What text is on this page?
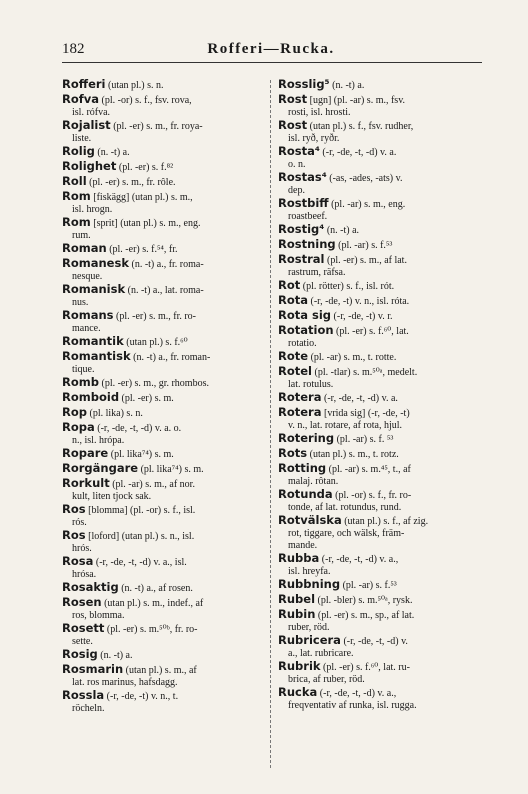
182	Rofferi—Rucka.

Rofferi (utan pl.) s. n.

Rofva (pl. -or) s. f., fsv. rova,
isl. rófva.

Rojalist (pl. -er) s. m., fr. roya-
liste.

Rolig (n. -t) a.

Rolighet (pl. -er) s. f.⁸²

Roll (pl. -er) s. m., fr. rôle.

Rom [fiskägg] (utan pl.) s. m.,
isl. hrogn.

Rom [sprit] (utan pl.) s. m., eng.
rum.

Roman (pl. -er) s. f.⁵⁴, fr.

Romanesk (n. -t) a., fr. roma-
nesque.

Romanisk (n. -t) a., lat. roma-
nus.

Romans (pl. -er) s. m., fr. ro-
mance.

Romantik (utan pl.) s. f.⁶⁰

Romantisk (n. -t) a., fr. roman-
tique.

Romb (pl. -er) s. m., gr. rhombos.

Romboid (pl. -er) s. m.

Rop (pl. lika) s. n.

Ropa (-r, -de, -t, -d) v. a. o.
n., isl. hrópa.

Ropare (pl. lika⁷⁴) s. m.

Rorgängare (pl. lika⁷⁴) s. m.

Rorkult (pl. -ar) s. m., af nor.
kult, liten tjock sak.

Ros [blomma] (pl. -or) s. f., isl.
rós.

Ros [loford] (utan pl.) s. n., isl.
hrós.

Rosa (-r, -de, -t, -d) v. a., isl.
hrósa.

Rosaktig (n. -t) a., af rosen.

Rosen (utan pl.) s. m., indef., af
ros, blomma.

Rosett (pl. -er) s. m.⁵⁰ᵇ, fr. ro-
sette.

Rosig (n. -t) a.

Rosmarin (utan pl.) s. m., af
lat. ros marinus, hafsdagg.

Rossla (-r, -de, -t) v. n., t.
röcheln.

Rosslig⁵ (n. -t) a.

Rost [ugn] (pl. -ar) s. m., fsv.
rosti, isl. hrosti.

Rost (utan pl.) s. f., fsv. rudher,
isl. ryð, ryðr.

Rosta⁴ (-r, -de, -t, -d) v. a.
o. n.

Rostas⁴ (-as, -ades, -ats) v.
dep.

Rostbiff (pl. -ar) s. m., eng.
roastbeef.

Rostig⁴ (n. -t) a.

Rostning (pl. -ar) s. f.⁵³

Rostral (pl. -er) s. m., af lat.
rastrum, räfsa.

Rot (pl. rötter) s. f., isl. rót.

Rota (-r, -de, -t) v. n., isl. róta.

Rota sig (-r, -de, -t) v. r.

Rotation (pl. -er) s. f.⁶⁰, lat.
rotatio.

Rote (pl. -ar) s. m., t. rotte.

Rotel (pl. -tlar) s. m.⁵⁰ᵃ, medelt.
lat. rotulus.

Rotera (-r, -de, -t, -d) v. a.

Rotera [vrida sig] (-r, -de, -t)
v. n., lat. rotare, af rota, hjul.

Rotering (pl. -ar) s. f. ⁵³

Rots (utan pl.) s. m., t. rotz.

Rotting (pl. -ar) s. m.⁴⁵, t., af
malaj. rôtan.

Rotunda (pl. -or) s. f., fr. ro-
tonde, af lat. rotundus, rund.

Rotvälska (utan pl.) s. f., af zig.
rot, tiggare, och wälsk, främ-
mande.

Rubba (-r, -de, -t, -d) v. a.,
isl. hreyfa.

Rubbning (pl. -ar) s. f.⁵³

Rubel (pl. -bler) s. m.⁵⁰ᵃ, rysk.

Rubin (pl. -er) s. m., sp., af lat.
ruber, röd.

Rubricera (-r, -de, -t, -d) v.
a., lat. rubricare.

Rubrik (pl. -er) s. f.⁶⁰, lat. ru-
brica, af ruber, röd.

Rucka (-r, -de, -t, -d) v. a.,
freqventativ af runka, isl. rugga.
